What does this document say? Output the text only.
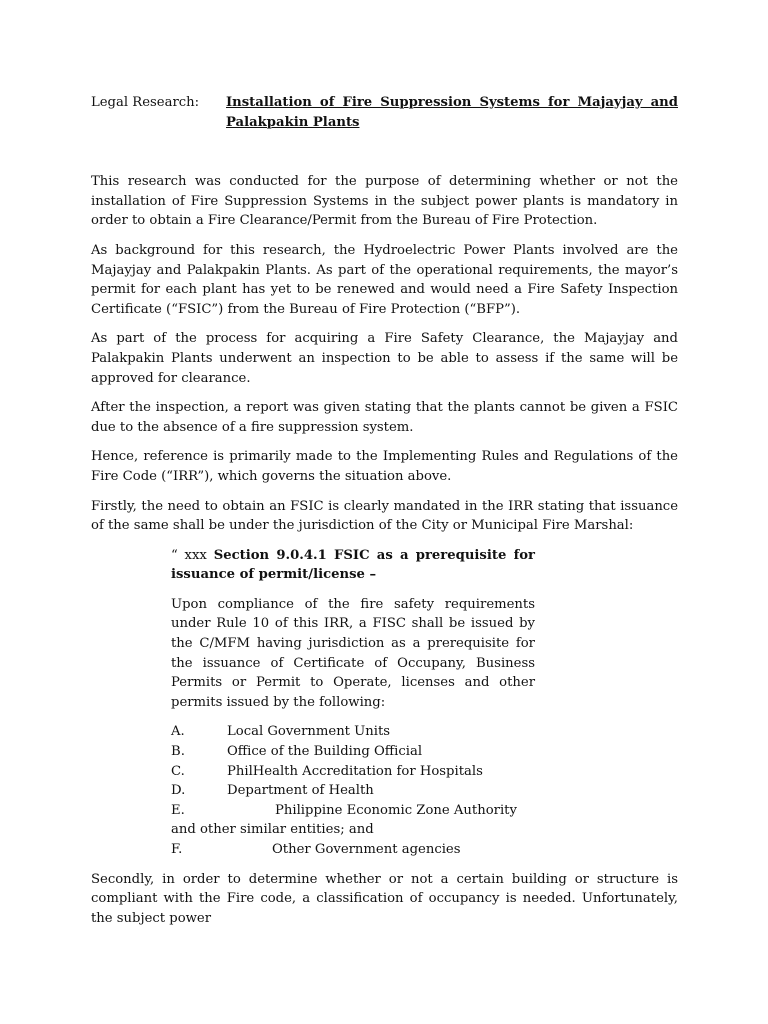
Legal Research:	Installation of Fire Suppression Systems for Majayjay and Palakpakin Plants

This research was conducted for the purpose of determining whether or not the installation of Fire Suppression Systems in the subject power plants is mandatory in order to obtain a Fire Clearance/Permit from the Bureau of Fire Protection.

As background for this research, the Hydroelectric Power Plants involved are the Majayjay and Palakpakin Plants. As part of the operational requirements, the mayor’s permit for each plant has yet to be renewed and would need a Fire Safety Inspection Certificate (“FSIC”) from the Bureau of Fire Protection (“BFP”).

As part of the process for acquiring a Fire Safety Clearance, the Majayjay and Palakpakin Plants underwent an inspection to be able to assess if the same will be approved for clearance.

After the inspection, a report was given stating that the plants cannot be given a FSIC due to the absence of a fire suppression system.

Hence, reference is primarily made to the Implementing Rules and Regulations of the Fire Code (“IRR”), which governs the situation above.

Firstly, the need to obtain an FSIC is clearly mandated in the IRR stating that issuance of the same shall be under the jurisdiction of the City or Municipal Fire Marshal:

“ xxx Section 9.0.4.1 FSIC as a prerequisite for issuance of permit/license –
Upon compliance of the fire safety requirements under Rule 10 of this IRR, a FISC shall be issued by the C/MFM having jurisdiction as a prerequisite for the issuance of Certificate of Occupany, Business Permits or Permit to Operate, licenses and other permits issued by the following:
A.	Local Government Units
B.	Office of the Building Official
C.	PhilHealth Accreditation for Hospitals
D.	Department of Health
E.	Philippine Economic Zone Authority and other similar entities; and
F.	Other Government agencies

Secondly, in order to determine whether or not a certain building or structure is compliant with the Fire code, a classification of occupancy is needed. Unfortunately, the subject power
